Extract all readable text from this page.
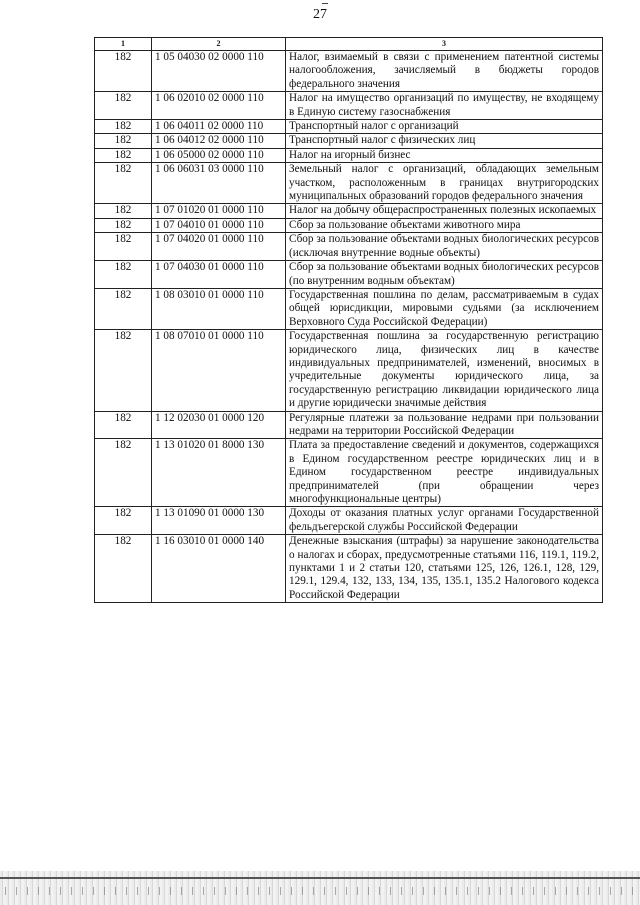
27
1	2	3
182	1 05 04030 02 0000 110	Налог, взимаемый в связи с применением патентной системы налогообложения, зачисляемый в бюджеты городов федерального значения
182	1 06 02010 02 0000 110	Налог на имущество организаций по имуществу, не входящему в Единую систему газоснабжения
182	1 06 04011 02 0000 110	Транспортный налог с организаций
182	1 06 04012 02 0000 110	Транспортный налог с физических лиц
182	1 06 05000 02 0000 110	Налог на игорный бизнес
182	1 06 06031 03 0000 110	Земельный налог с организаций, обладающих земельным участком, расположенным в границах внутригородских муниципальных образований городов федерального значения
182	1 07 01020 01 0000 110	Налог на добычу общераспространенных полезных ископаемых
182	1 07 04010 01 0000 110	Сбор за пользование объектами животного мира
182	1 07 04020 01 0000 110	Сбор за пользование объектами водных биологических ресурсов (исключая внутренние водные объекты)
182	1 07 04030 01 0000 110	Сбор за пользование объектами водных биологических ресурсов (по внутренним водным объектам)
182	1 08 03010 01 0000 110	Государственная пошлина по делам, рассматриваемым в судах общей юрисдикции, мировыми судьями (за исключением Верховного Суда Российской Федерации)
182	1 08 07010 01 0000 110	Государственная пошлина за государственную регистрацию юридического лица, физических лиц в качестве индивидуальных предпринимателей, изменений, вносимых в учредительные документы юридического лица, за государственную регистрацию ликвидации юридического лица и другие юридически значимые действия
182	1 12 02030 01 0000 120	Регулярные платежи за пользование недрами при пользовании недрами на территории Российской Федерации
182	1 13 01020 01 8000 130	Плата за предоставление сведений и документов, содержащихся в Едином государственном реестре юридических лиц и в Едином государственном реестре индивидуальных предпринимателей (при обращении через многофункциональные центры)
182	1 13 01090 01 0000 130	Доходы от оказания платных услуг органами Государственной фельдъегерской службы Российской Федерации
182	1 16 03010 01 0000 140	Денежные взыскания (штрафы) за нарушение законодательства о налогах и сборах, предусмотренные статьями 116, 119.1, 119.2, пунктами 1 и 2 статьи 120, статьями 125, 126, 126.1, 128, 129, 129.1, 129.4, 132, 133, 134, 135, 135.1, 135.2 Налогового кодекса Российской Федерации
